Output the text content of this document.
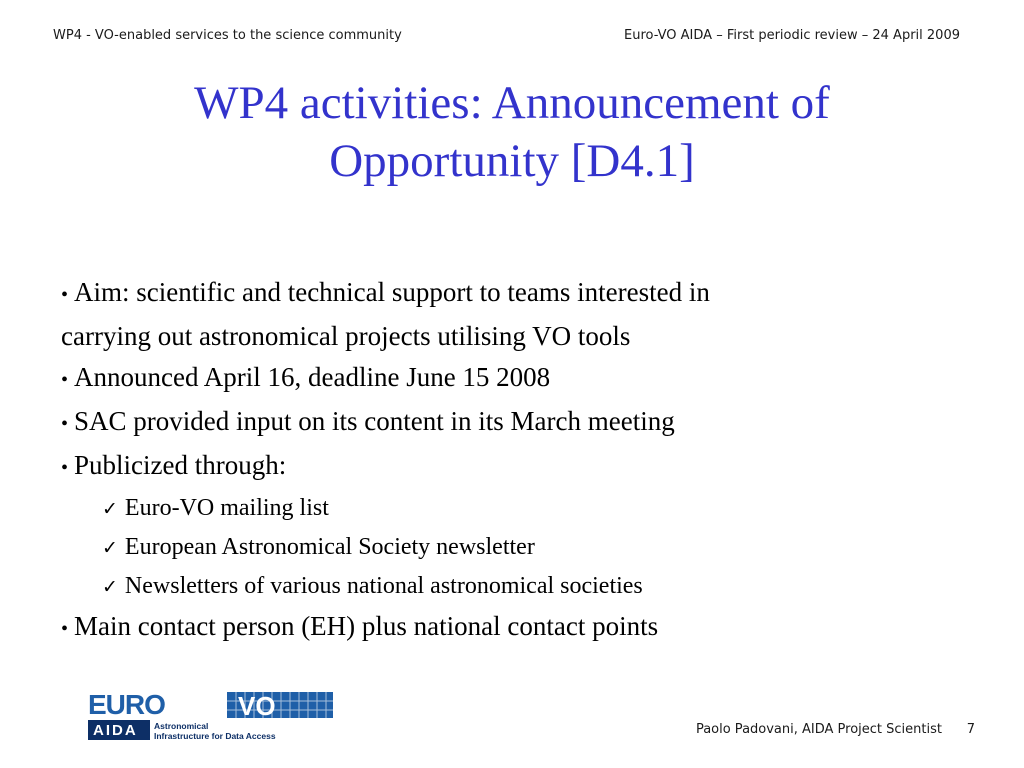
WP4 - VO-enabled services to the science community	Euro-VO AIDA – First periodic review – 24 April 2009
WP4 activities: Announcement of
Opportunity [D4.1]
• Aim: scientific and technical support to teams interested in
carrying out astronomical projects utilising VO tools
• Announced April 16, deadline June 15 2008
• SAC provided input on its content in its March meeting
• Publicized through:
✓ Euro-VO mailing list
✓ European Astronomical Society newsletter
✓ Newsletters of various national astronomical societies
• Main contact person (EH) plus national contact points
EURO	VO
AIDA Astronomical
Infrastructure for Data Access	Paolo Padovani, AIDA Project Scientist 7
